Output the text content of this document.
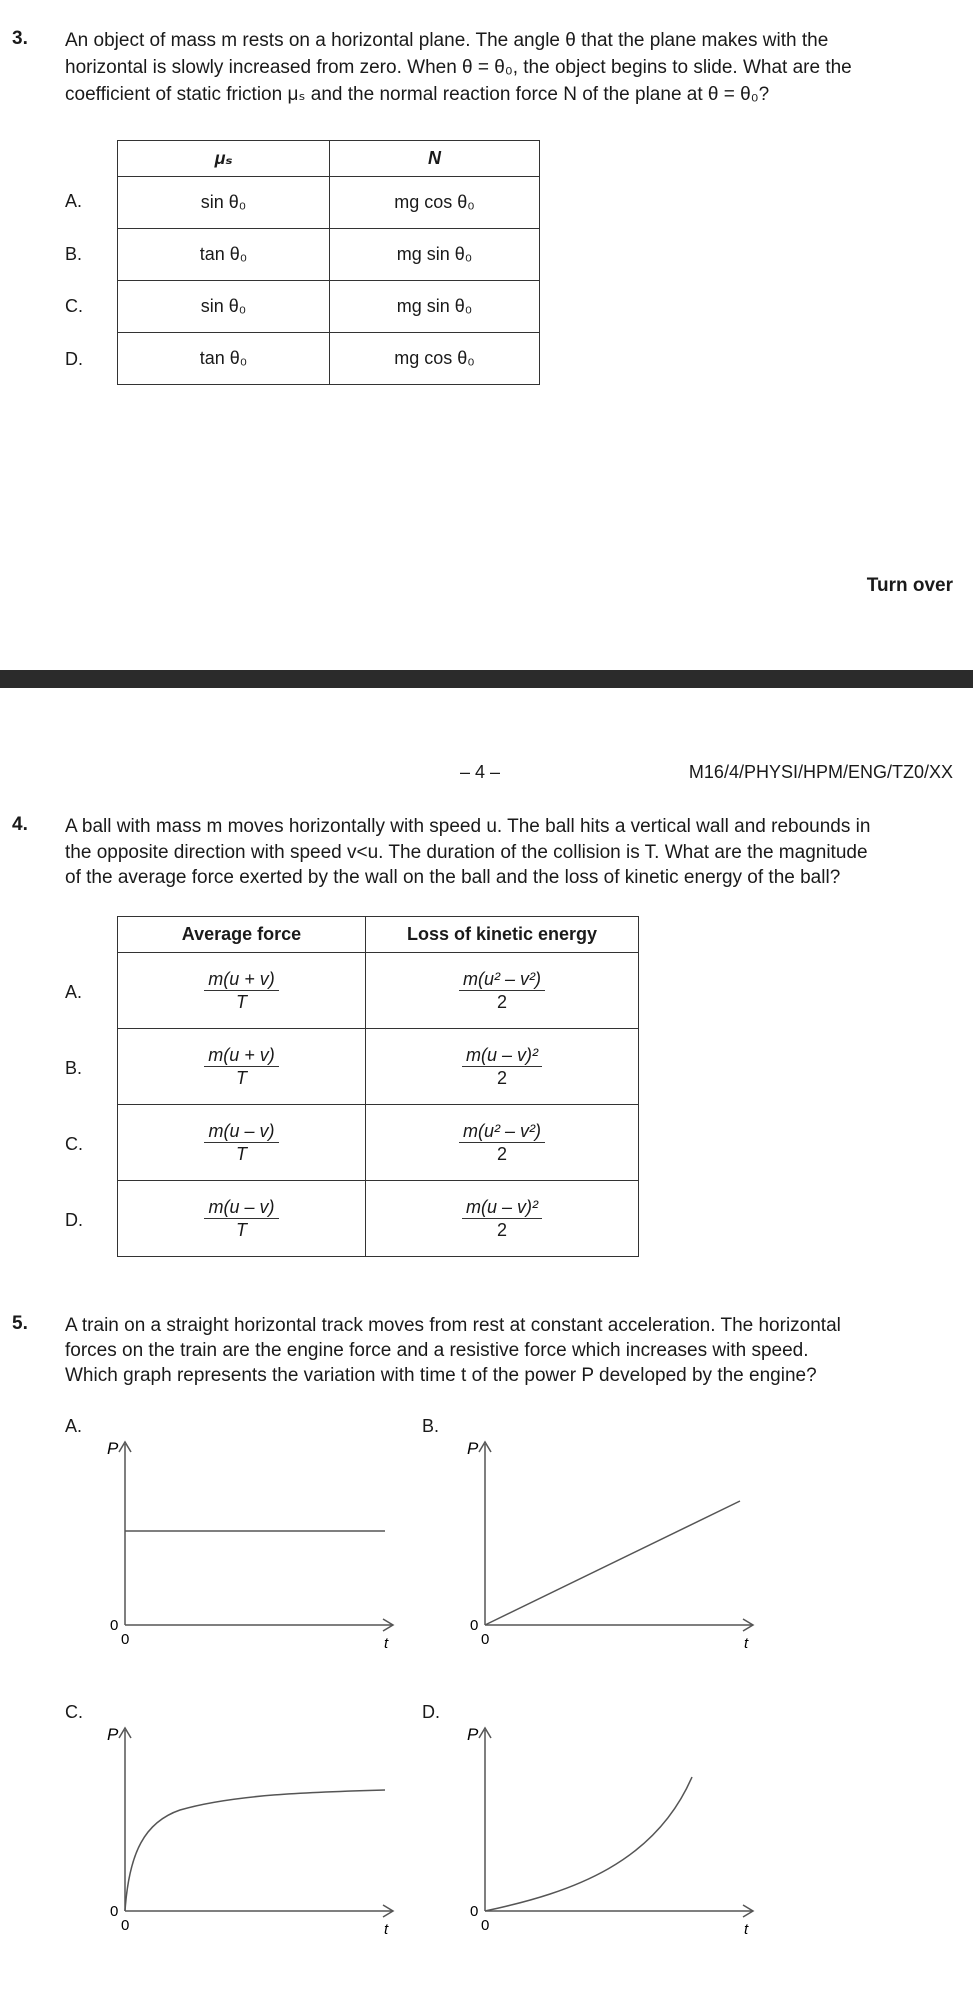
3. An object of mass m rests on a horizontal plane. The angle θ that the plane makes with the
horizontal is slowly increased from zero. When θ = θ₀, the object begins to slide. What are the
coefficient of static friction μₛ and the normal reaction force N of the plane at θ = θ₀?
A.
B.
C.
D.
μₛ	N
sin θ₀	mg cos θ₀
tan θ₀	mg sin θ₀
sin θ₀	mg sin θ₀
tan θ₀	mg cos θ₀
Turn over
– 4 –	M16/4/PHYSI/HPM/ENG/TZ0/XX
4. A ball with mass m moves horizontally with speed u. The ball hits a vertical wall and rebounds in
the opposite direction with speed v<u. The duration of the collision is T. What are the magnitude
of the average force exerted by the wall on the ball and the loss of kinetic energy of the ball?
A.
B.
C.
D.
Average force	Loss of kinetic energy

$\frac{m(u + v)}{T}$	$\frac{\text{m(u² – v²)}}{2}$

$\frac{m(u + v)}{T}$	$\frac{\text{m(u – v)²}}{2}$

$\frac{m(u - v)}{T}$	$\frac{\text{m(u² – v²)}}{2}$

$\frac{m(u - v)}{T}$	$\frac{\text{m(u – v)²}}{2}$
5. A train on a straight horizontal track moves from rest at constant acceleration. The horizontal
forces on the train are the engine force and a resistive force which increases with speed.
Which graph represents the variation with time t of the power P developed by the engine?
A.	B.
C.	D.
P
0
0	t
P
0
0	t
P
0
0	t
P
0
0	t
